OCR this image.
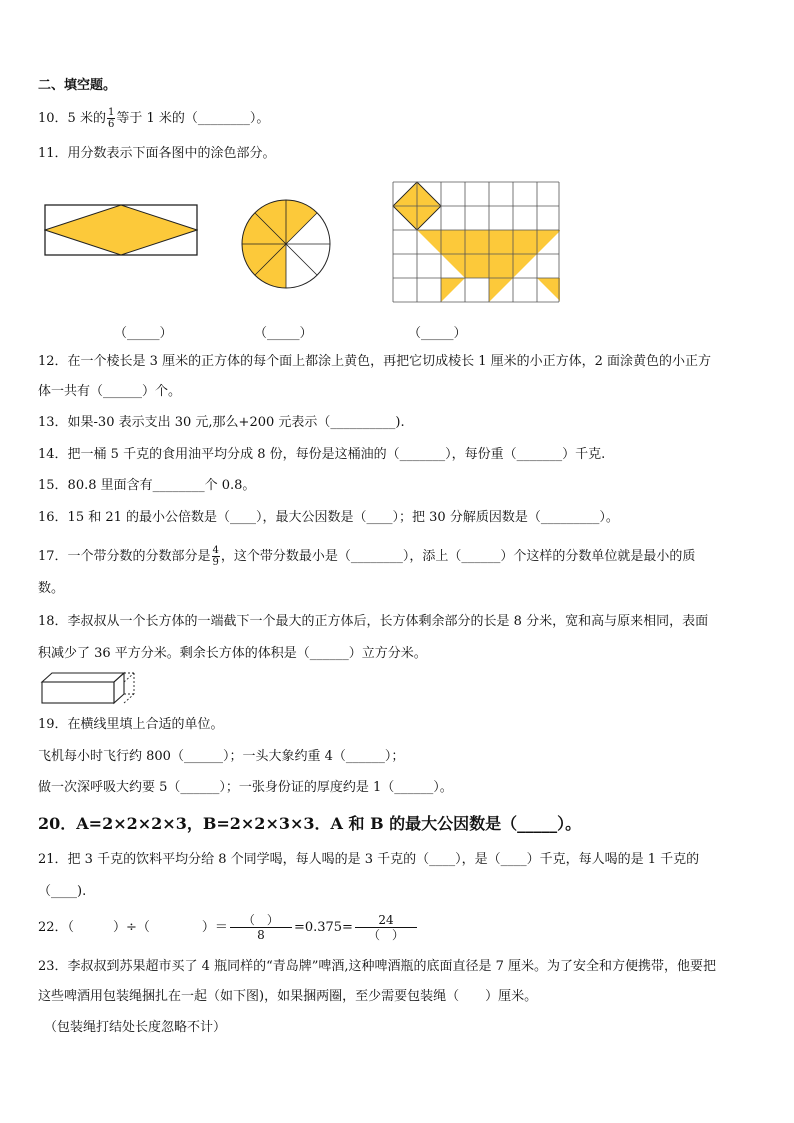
二、填空题。
10．5 米的 $\frac{1}{6}$ 等于 1 米的（________）。
11．用分数表示下面各图中的涂色部分。
（_____）	（_____）	（_____）
12．在一个棱长是 3 厘米的正方体的每个面上都涂上黄色，再把它切成棱长 1 厘米的小正方体，2 面涂黄色的小正方
体一共有（______）个。
13．如果-30 表示支出 30 元,那么+200 元表示（__________).
14．把一桶 5 千克的食用油平均分成 8 份，每份是这桶油的（_______），每份重（_______）千克.
15．80.8 里面含有________个 0.8。
16．15 和 21 的最小公倍数是（____），最大公因数是（____）；把 30 分解质因数是（_________）。
17．一个带分数的分数部分是 $\frac{4}{9}$ ，这个带分数最小是（________），添上（______）个这样的分数单位就是最小的质
数。
18．李叔叔从一个长方体的一端截下一个最大的正方体后，长方体剩余部分的长是 8 分米，宽和高与原来相同，表面
积减少了 36 平方分米。剩余长方体的体积是（______）立方分米。
19．在横线里填上合适的单位。
飞机每小时飞行约 800（______）；一头大象约重 4（______）；
做一次深呼吸大约要 5（______）；一张身份证的厚度约是 1（______）。
20．A=2×2×2×3，B=2×2×3×3．A 和 B 的最大公因数是（_____）。
21．把 3 千克的饮料平均分给 8 个同学喝，每人喝的是 3 千克的（____），是（____）千克，每人喝的是 1 千克的
（____).
22．（　　　）÷（　　　　）＝	（　）
8	=0.375=	24
（　）
23．李叔叔到苏果超市买了 4 瓶同样的“青岛牌”啤酒,这种啤酒瓶的底面直径是 7 厘米。为了安全和方便携带，他要把
这些啤酒用包装绳捆扎在一起（如下图)，如果捆两圈，至少需要包装绳（　　）厘米。
（包装绳打结处长度忽略不计）
